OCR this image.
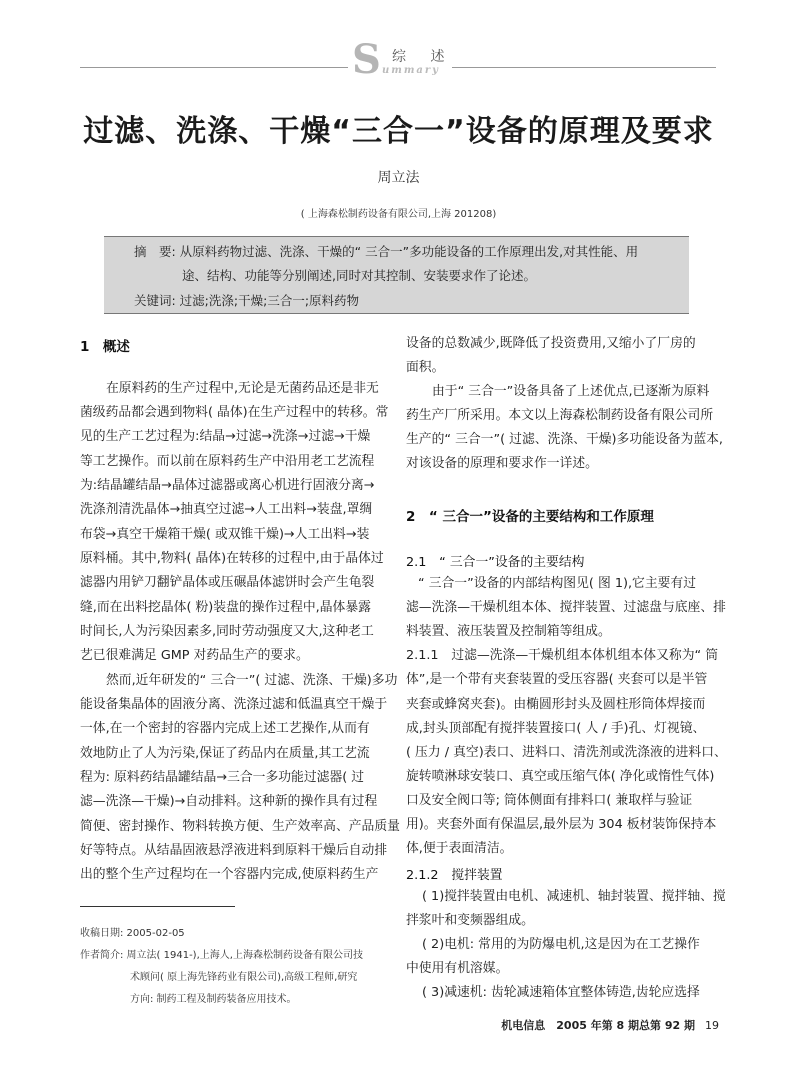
S 综 述
ummary
过滤、洗涤、干燥“三合一”设备的原理及要求
周立法
( 上海森松制药设备有限公司,上海 201208)
摘　要: 从原料药物过滤、洗涤、干燥的“ 三合一”多功能设备的工作原理出发,对其性能、用
途、结构、功能等分别阐述,同时对其控制、安装要求作了论述。
关键词: 过滤;洗涤;干燥;三合一;原料药物
1　概述
在原料药的生产过程中,无论是无菌药品还是非无
菌级药品都会遇到物料( 晶体)在生产过程中的转移。常
见的生产工艺过程为:结晶→过滤→洗涤→过滤→干燥
等工艺操作。而以前在原料药生产中沿用老工艺流程
为:结晶罐结晶→晶体过滤器或离心机进行固液分离→
洗涤剂清洗晶体→抽真空过滤→人工出料→装盘,罩绸
布袋→真空干燥箱干燥( 或双锥干燥)→人工出料→装
原料桶。其中,物料( 晶体)在转移的过程中,由于晶体过
滤器内用铲刀翻铲晶体或压碾晶体滤饼时会产生龟裂
缝,而在出料挖晶体( 粉)装盘的操作过程中,晶体暴露
时间长,人为污染因素多,同时劳动强度又大,这种老工
艺已很难满足 GMP 对药品生产的要求。
然而,近年研发的“ 三合一”( 过滤、洗涤、干燥)多功
能设备集晶体的固液分离、洗涤过滤和低温真空干燥于
一体,在一个密封的容器内完成上述工艺操作,从而有
效地防止了人为污染,保证了药品内在质量,其工艺流
程为: 原料药结晶罐结晶→三合一多功能过滤器( 过
滤—洗涤—干燥)→自动排料。这种新的操作具有过程
简便、密封操作、物料转换方便、生产效率高、产品质量
好等特点。从结晶固液悬浮液进料到原料干燥后自动排
出的整个生产过程均在一个容器内完成,使原料药生产
设备的总数减少,既降低了投资费用,又缩小了厂房的
面积。
由于“ 三合一”设备具备了上述优点,已逐渐为原料
药生产厂所采用。本文以上海森松制药设备有限公司所
生产的“ 三合一”( 过滤、洗涤、干燥)多功能设备为蓝本,
对该设备的原理和要求作一详述。
2　“ 三合一”设备的主要结构和工作原理
2.1　“ 三合一”设备的主要结构
“ 三合一”设备的内部结构图见( 图 1),它主要有过
滤—洗涤—干燥机组本体、搅拌装置、过滤盘与底座、排
料装置、液压装置及控制箱等组成。
2.1.1　过滤—洗涤—干燥机组本体机组本体又称为“ 筒
体”,是一个带有夹套装置的受压容器( 夹套可以是半管
夹套或蜂窝夹套)。由椭圆形封头及圆柱形筒体焊接而
成,封头顶部配有搅拌装置接口( 人 / 手)孔、灯视镜、
( 压力 / 真空)表口、进料口、清洗剂或洗涤液的进料口、
旋转喷淋球安装口、真空或压缩气体( 净化或惰性气体)
口及安全阀口等; 筒体侧面有排料口( 兼取样与验证
用)。夹套外面有保温层,最外层为 304 板材装饰保持本
体,便于表面清洁。
2.1.2　搅拌装置
( 1)搅拌装置由电机、减速机、轴封装置、搅拌轴、搅
拌浆叶和变频器组成。
( 2)电机: 常用的为防爆电机,这是因为在工艺操作
中使用有机溶媒。
( 3)减速机: 齿轮减速箱体宜整体铸造,齿轮应选择
收稿日期: 2005-02-05
作者简介: 周立法( 1941-),上海人,上海森松制药设备有限公司技
术顾问( 原上海先锋药业有限公司),高级工程师,研究
方向: 制药工程及制药装备应用技术。
机电信息　2005 年第 8 期总第 92 期 19
